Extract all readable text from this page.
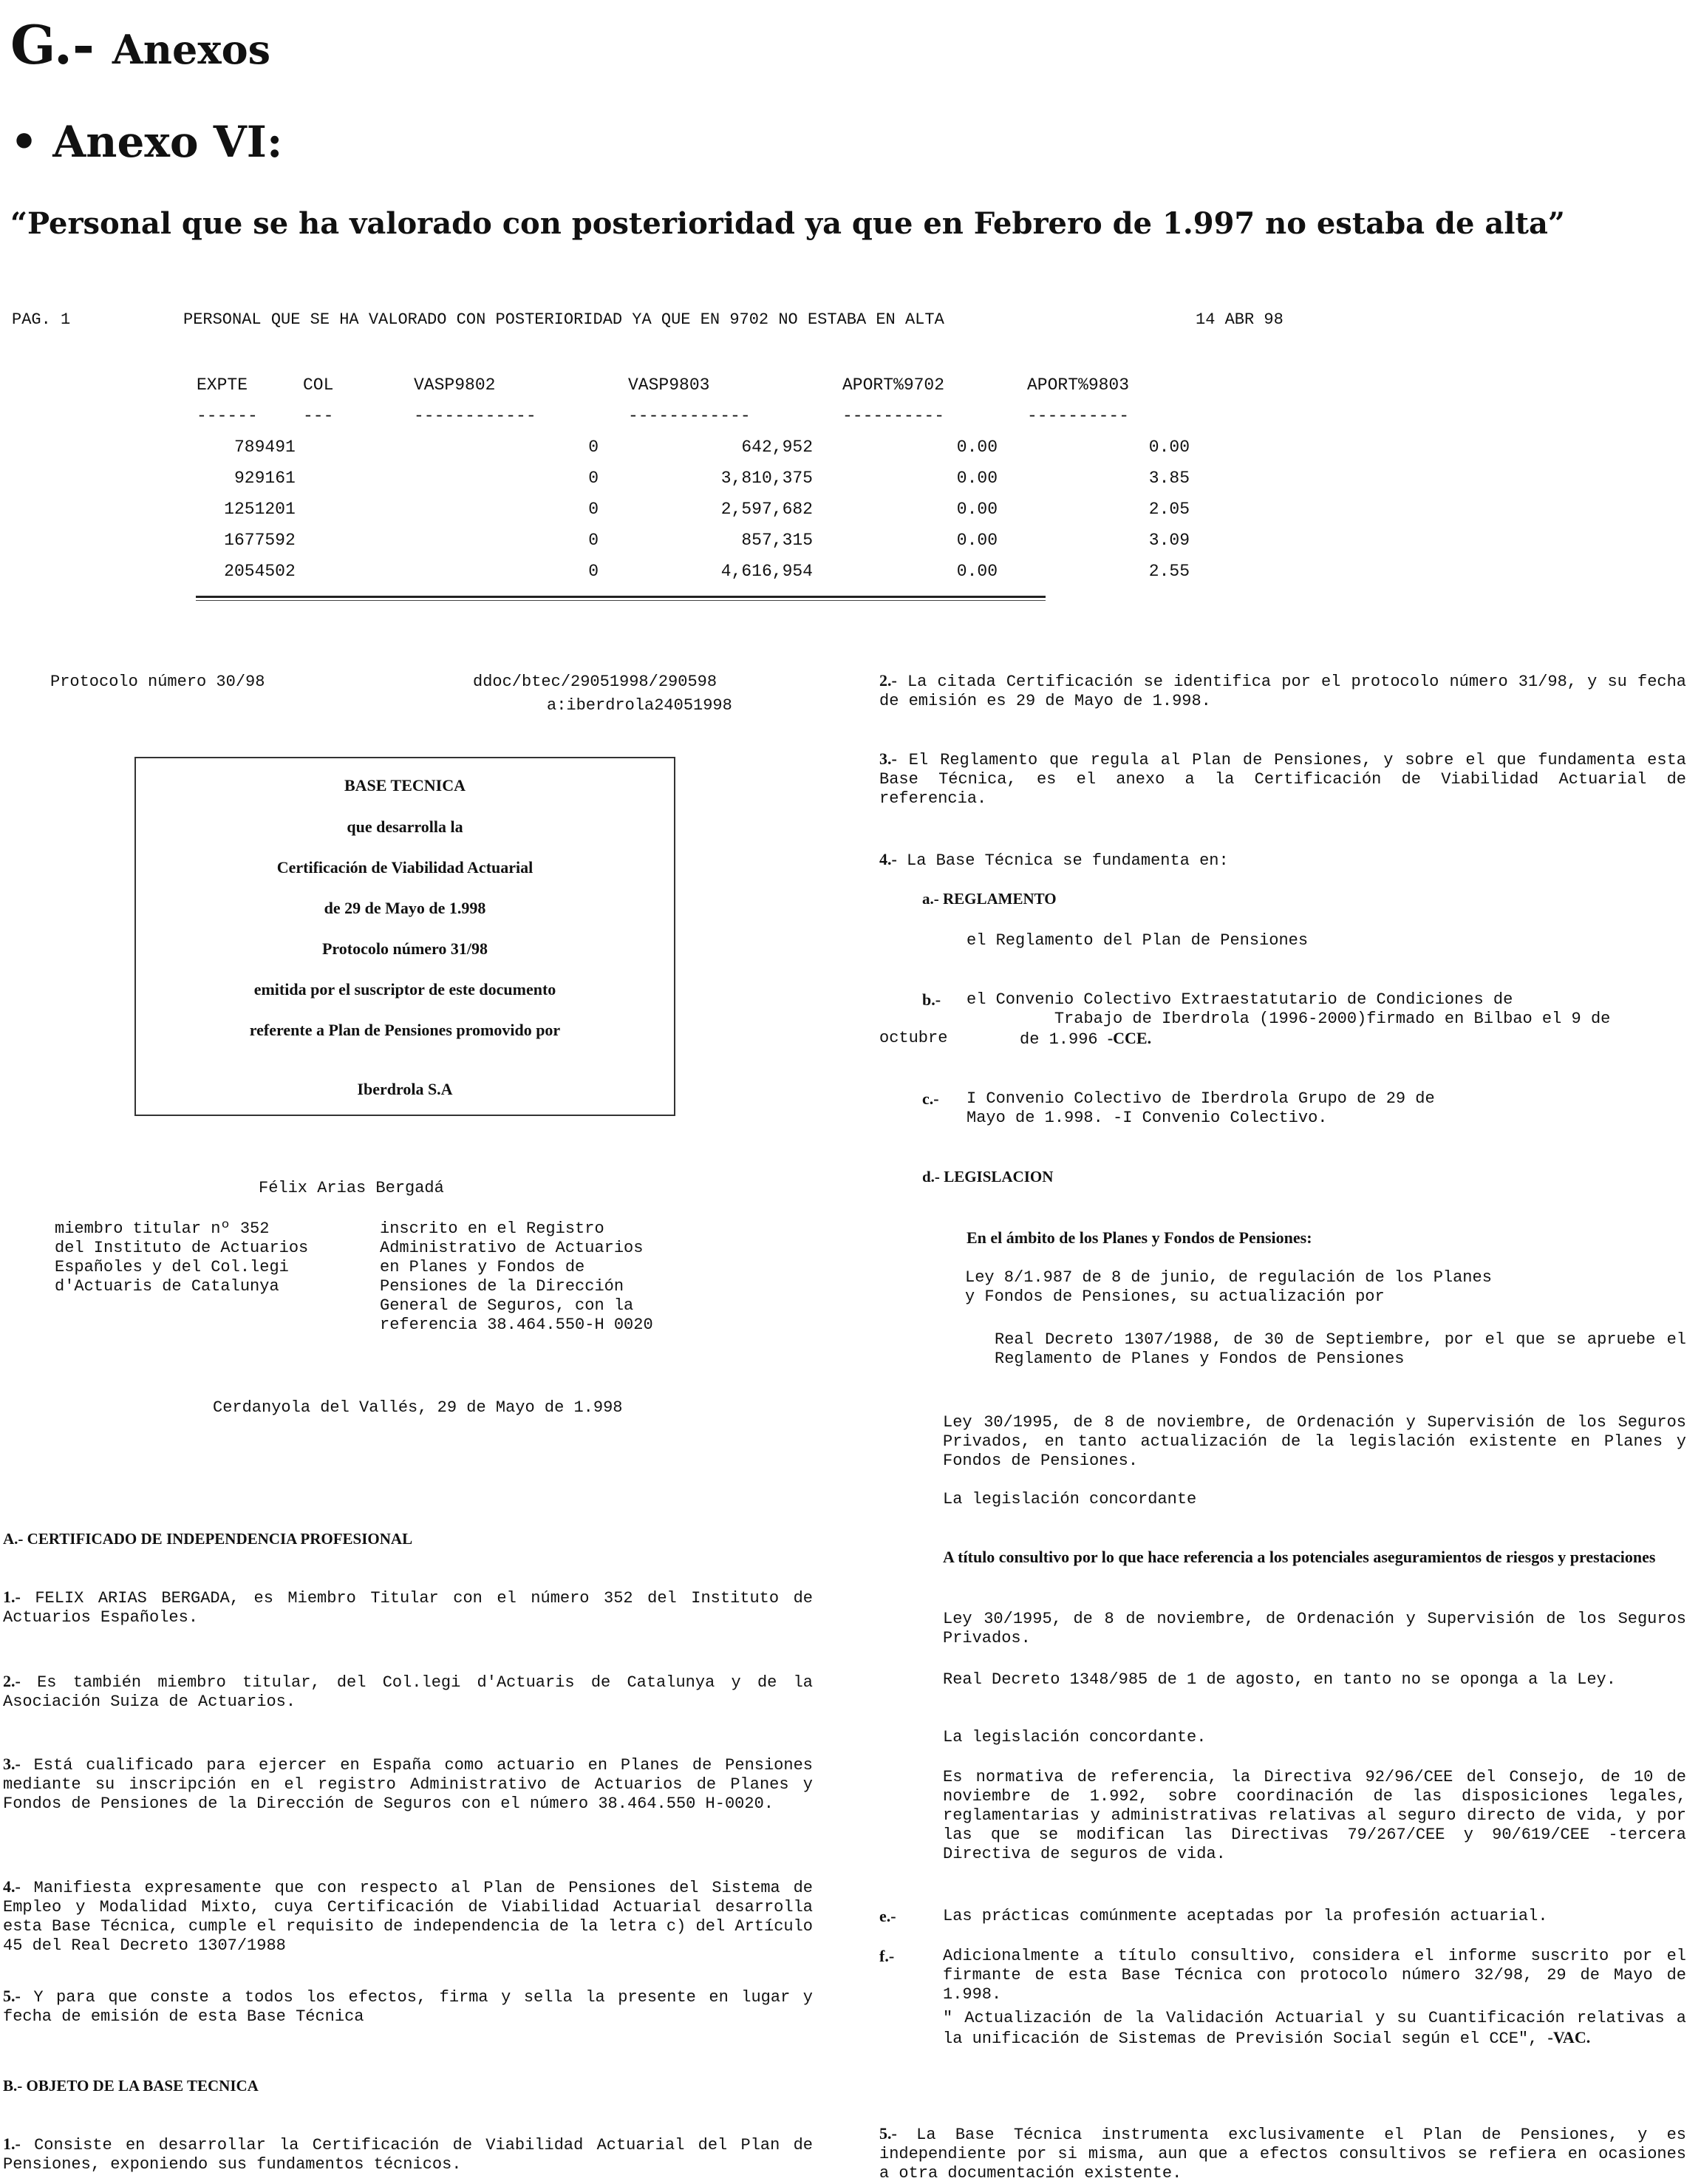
G.- Anexos
• Anexo VI:
“Personal que se ha valorado con posterioridad ya que en Febrero de 1.997 no estaba de alta”
PAG. 1	PERSONAL QUE SE HA VALORADO CON POSTERIORIDAD YA QUE EN 9702 NO ESTABA EN ALTA	14 ABR 98
EXPTE	COL	VASP9802	VASP9803	APORT%9702	APORT%9803
------	---	------------	------------	----------	----------
78949	1	0	642,952	0.00	0.00
92916	1	0	3,810,375	0.00	3.85
125120	1	0	2,597,682	0.00	2.05
167759	2	0	857,315	0.00	3.09
205450	2	0	4,616,954	0.00	2.55
Protocolo número 30/98	ddoc/btec/29051998/290598
a:iberdrola24051998
BASE TECNICA
que desarrolla la
Certificación de Viabilidad Actuarial
de 29 de Mayo de 1.998
Protocolo número 31/98
emitida por el suscriptor de este documento
referente a Plan de Pensiones promovido por
Iberdrola S.A
Félix Arias Bergadá
miembro titular nº 352
del Instituto de Actuarios
Españoles y del Col.legi
d'Actuaris de Catalunya
inscrito en el Registro
Administrativo de Actuarios
en Planes y Fondos de
Pensiones de la Dirección
General de Seguros, con la
referencia 38.464.550-H 0020
Cerdanyola del Vallés, 29 de Mayo de 1.998
A.- CERTIFICADO DE INDEPENDENCIA PROFESIONAL
1.- FELIX ARIAS BERGADA, es Miembro Titular con el número 352 del Instituto de Actuarios Españoles.
2.- Es también miembro titular, del Col.legi d'Actuaris de Catalunya y de la Asociación Suiza de Actuarios.
3.- Está cualificado para ejercer en España como actuario en Planes de Pensiones mediante su inscripción en el registro Administrativo de Actuarios de Planes y Fondos de Pensiones de la Dirección de Seguros con el número 38.464.550 H-0020.
4.- Manifiesta expresamente que con respecto al Plan de Pensiones del Sistema de Empleo y Modalidad Mixto, cuya Certificación de Viabilidad Actuarial desarrolla esta Base Técnica, cumple el requisito de independencia de la letra c) del Artículo 45 del Real Decreto 1307/1988
5.- Y para que conste a todos los efectos, firma y sella la presente en lugar y fecha de emisión de esta Base Técnica
B.- OBJETO DE LA BASE TECNICA
1.- Consiste en desarrollar la Certificación de Viabilidad Actuarial del Plan de Pensiones, exponiendo sus fundamentos técnicos.
2.- La citada Certificación se identifica por el protocolo número 31/98, y su fecha de emisión es 29 de Mayo de 1.998.
3.- El Reglamento que regula al Plan de Pensiones, y sobre el que fundamenta esta Base Técnica, es el anexo a la Certificación de Viabilidad Actuarial de referencia.
4.- La Base Técnica se fundamenta en:
a.- REGLAMENTO
el Reglamento del Plan de Pensiones
b.- el Convenio Colectivo Extraestatutario de Condiciones de
Trabajo de Iberdrola (1996-2000)firmado en Bilbao el 9 de
octubre	de 1.996 -CCE.
c.- I Convenio Colectivo de Iberdrola Grupo de 29 de
Mayo de 1.998. -I Convenio Colectivo.
d.- LEGISLACION
En el ámbito de los Planes y Fondos de Pensiones:
Ley 8/1.987 de 8 de junio, de regulación de los Planes
y Fondos de Pensiones, su actualización por
Real Decreto 1307/1988, de 30 de Septiembre, por el que se apruebe el Reglamento de Planes y Fondos de Pensiones
Ley 30/1995, de 8 de noviembre, de Ordenación y Supervisión de los Seguros Privados, en tanto actualización de la legislación existente en Planes y Fondos de Pensiones.
La legislación concordante
A título consultivo por lo que hace referencia a los potenciales aseguramientos de riesgos y prestaciones
Ley 30/1995, de 8 de noviembre, de Ordenación y Supervisión de los Seguros Privados.
Real Decreto 1348/985 de 1 de agosto, en tanto no se oponga a la Ley.
La legislación concordante.
Es normativa de referencia, la Directiva 92/96/CEE del Consejo, de 10 de noviembre de 1.992, sobre coordinación de las disposiciones legales, reglamentarias y administrativas relativas al seguro directo de vida, y por las que se modifican las Directivas 79/267/CEE y 90/619/CEE -tercera Directiva de seguros de vida.
e.-	Las prácticas comúnmente aceptadas por la profesión actuarial.
f.-	Adicionalmente a título consultivo, considera el informe suscrito por el firmante de esta Base Técnica con protocolo número 32/98, 29 de Mayo de 1.998.
" Actualización de la Validación Actuarial y su Cuantificación relativas a la unificación de Sistemas de Previsión Social según el CCE", -VAC.
5.- La Base Técnica instrumenta exclusivamente el Plan de Pensiones, y es independiente por si misma, aun que a efectos consultivos se refiera en ocasiones a otra documentación existente.
